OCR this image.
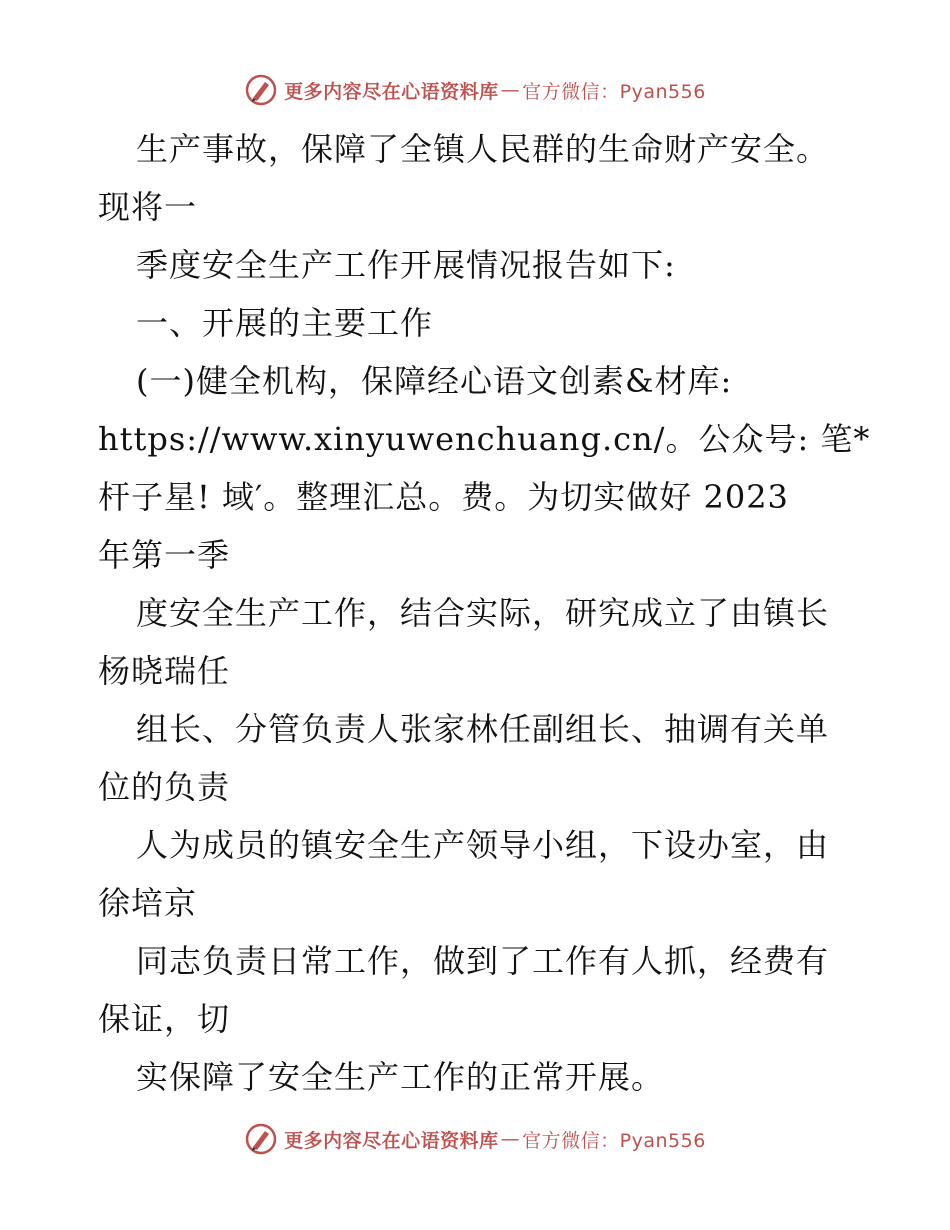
更多内容尽在心语资料库 — 官方微信：Pyan556
生产事故，保障了全镇人民群的生命财产安全。
现将一
季度安全生产工作开展情况报告如下:
一、开展的主要工作
(一)健全机构，保障经心语文创素&材库:
https://www.xinyuwenchuang.cn/。公众号: 笔*
杆子星! 域′。整理汇总。费。为切实做好 2023
年第一季
度安全生产工作，结合实际，研究成立了由镇长
杨晓瑞任
组长、分管负责人张家林任副组长、抽调有关单
位的负责
人为成员的镇安全生产领导小组，下设办室，由
徐培京
同志负责日常工作，做到了工作有人抓，经费有
保证，切
实保障了安全生产工作的正常开展。
更多内容尽在心语资料库 — 官方微信：Pyan556
